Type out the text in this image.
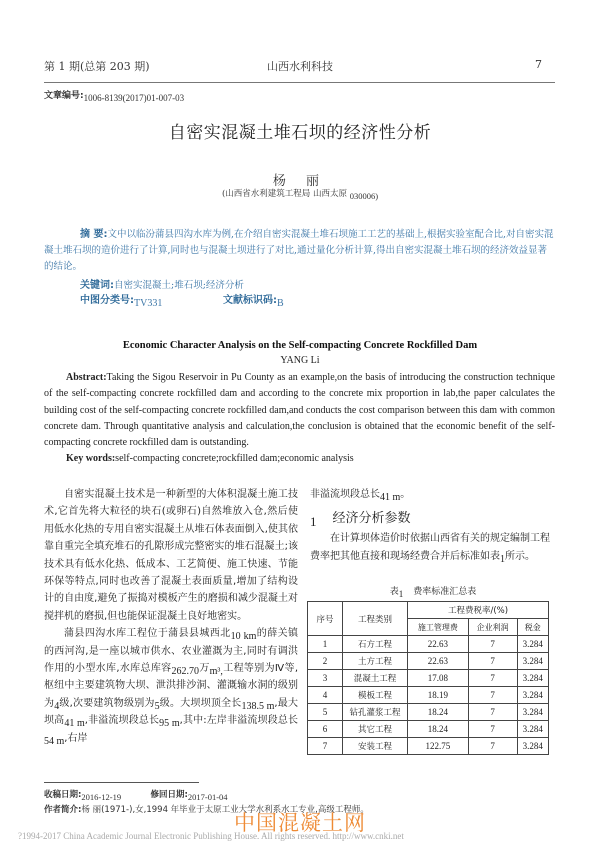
第 1 期(总第 203 期)	山西水利科技	7
文章编号:1006-8139(2017)01-007-03
自密实混凝土堆石坝的经济性分析
杨 丽
(山西省水利建筑工程局 山西太原 030006)
摘 要:文中以临汾蒲县四沟水库为例,在介绍自密实混凝土堆石坝施工工艺的基础上,根据实验室配合比,对自密实混凝土堆石坝的造价进行了计算,同时也与混凝土坝进行了对比,通过量化分析计算,得出自密实混凝土堆石坝的经济效益显著的结论。
关键词:自密实混凝土;堆石坝;经济分析
中图分类号:TV331	文献标识码:B
Economic Character Analysis on the Self-compacting Concrete Rockfilled Dam
YANG Li
Abstract:Taking the Sigou Reservoir in Pu County as an example,on the basis of introducing the construction technique of the self-compacting concrete rockfilled dam and according to the concrete mix proportion in lab,the paper calculates the building cost of the self-compacting concrete rockfilled dam,and conducts the cost comparison between this dam with common concrete dam. Through quantitative analysis and calculation,the conclusion is obtained that the economic benefit of the self-compacting concrete rockfilled dam is outstanding.
Key words:self-compacting concrete;rockfilled dam;economic analysis

自密实混凝土技术是一种新型的大体积混凝土施工技术,它首先将大粒径的块石(或卵石)自然堆放入仓,然后使用低水化热的专用自密实混凝土从堆石体表面倒入,使其依靠自重完全填充堆石的孔隙形成完整密实的堆石混凝土;该技术具有低水化热、低成本、工艺简便、施工快速、节能环保等特点,同时也改善了混凝土表面质量,增加了结构设计的自由度,避免了振捣对模板产生的磨损和减少混凝土对搅拌机的磨损,但也能保证混凝土良好地密实。

蒲县四沟水库工程位于蒲县县城西北10 km的薛关镇的西河沟,是一座以城市供水、农业灌溉为主,同时有调洪作用的小型水库,水库总库容262.70万m³,工程等别为Ⅳ等,枢纽中主要建筑物大坝、泄洪排沙洞、灌溉输水洞的级别为4级,次要建筑物级别为5级。大坝坝顶全长138.5 m,最大坝高41 m,非溢流坝段总长95 m,其中:左岸非溢流坝段总长54 m,右岸

非溢流坝段总长41 m。

1 经济分析参数

在计算坝体造价时依据山西省有关的规定编制工程费率把其他直接和现场经费合并后标准如表1所示。

表1 费率标准汇总表
序号	工程类别	工程费税率/(%)		
		施工管理费	企业利润	税金
1	石方工程	22.63	7	3.284
2	土方工程	22.63	7	3.284
3	混凝土工程	17.08	7	3.284
4	模板工程	18.19	7	3.284
5	钻孔灌浆工程	18.24	7	3.284
6	其它工程	18.24	7	3.284
7	安装工程	122.75	7	3.284
收稿日期:2016-12-19	修回日期:2017-01-04
作者简介:杨 丽(1971-),女,1994 年毕业于太原工业大学水利系水工专业,高级工程师。
中国混凝土网
?1994-2017 China Academic Journal Electronic Publishing House. All rights reserved. http://www.cnki.net
